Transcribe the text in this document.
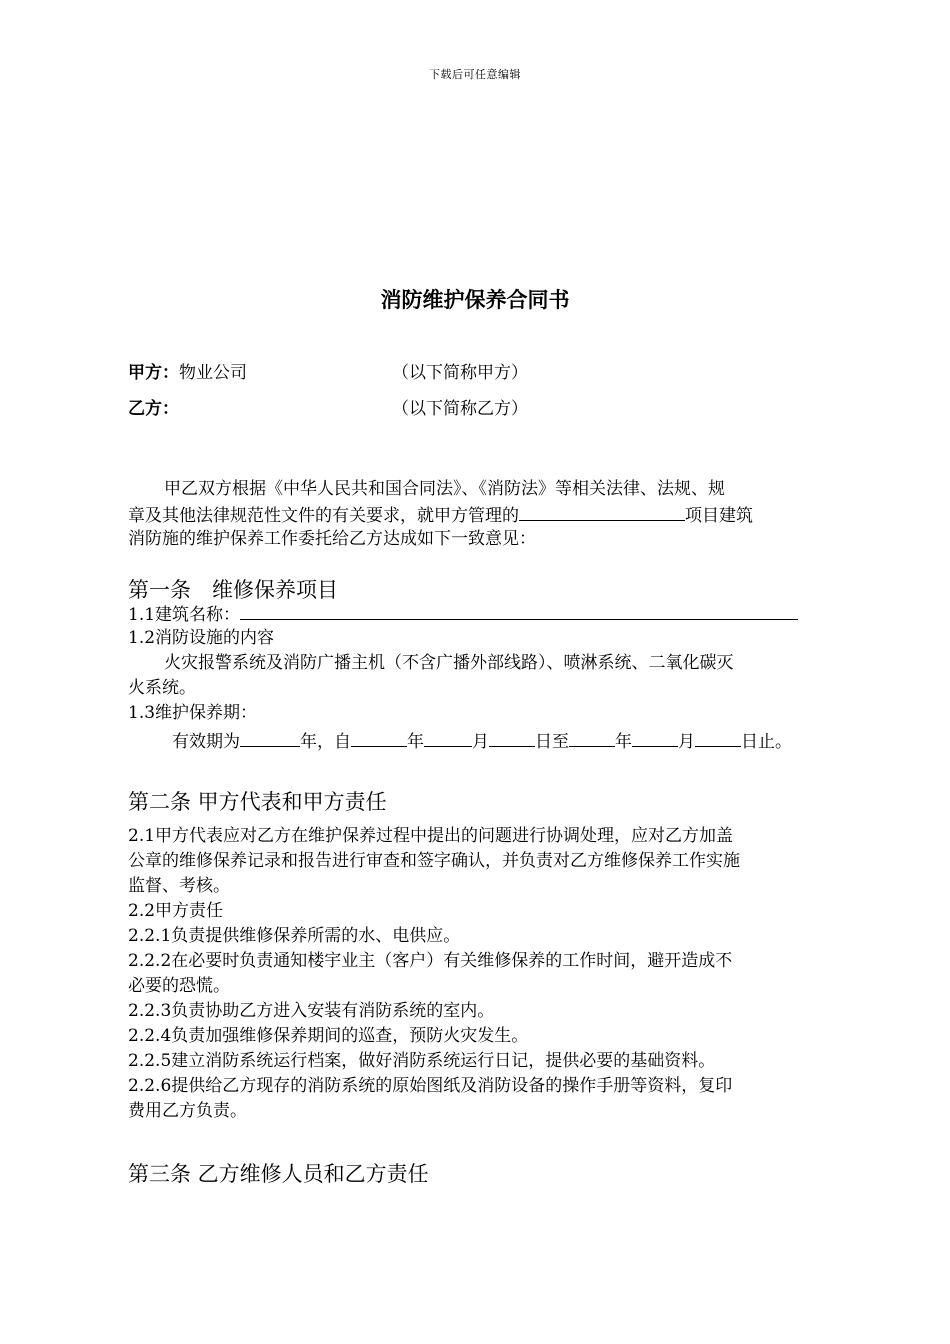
下载后可任意编辑
消防维护保养合同书
甲方：物业公司	（以下简称甲方）
乙方：	（以下简称乙方）
甲乙双方根据《中华人民共和国合同法》、《消防法》等相关法律、法规、规
章及其他法律规范性文件的有关要求，就甲方管理的	项目建筑
消防施的维护保养工作委托给乙方达成如下一致意见：
第一条　维修保养项目
1.1建筑名称：
1.2消防设施的内容
火灾报警系统及消防广播主机（不含广播外部线路）、喷淋系统、二氧化碳灭
火系统。
1.3维护保养期：
有效期为	年，自	年	月	日至	年	月	日止。
第二条 甲方代表和甲方责任
2.1甲方代表应对乙方在维护保养过程中提出的问题进行协调处理，应对乙方加盖
公章的维修保养记录和报告进行审查和签字确认，并负责对乙方维修保养工作实施
监督、考核。
2.2甲方责任
2.2.1负责提供维修保养所需的水、电供应。
2.2.2在必要时负责通知楼宇业主（客户）有关维修保养的工作时间，避开造成不
必要的恐慌。
2.2.3负责协助乙方进入安装有消防系统的室内。
2.2.4负责加强维修保养期间的巡查，预防火灾发生。
2.2.5建立消防系统运行档案，做好消防系统运行日记，提供必要的基础资料。
2.2.6提供给乙方现存的消防系统的原始图纸及消防设备的操作手册等资料，复印
费用乙方负责。
第三条 乙方维修人员和乙方责任
